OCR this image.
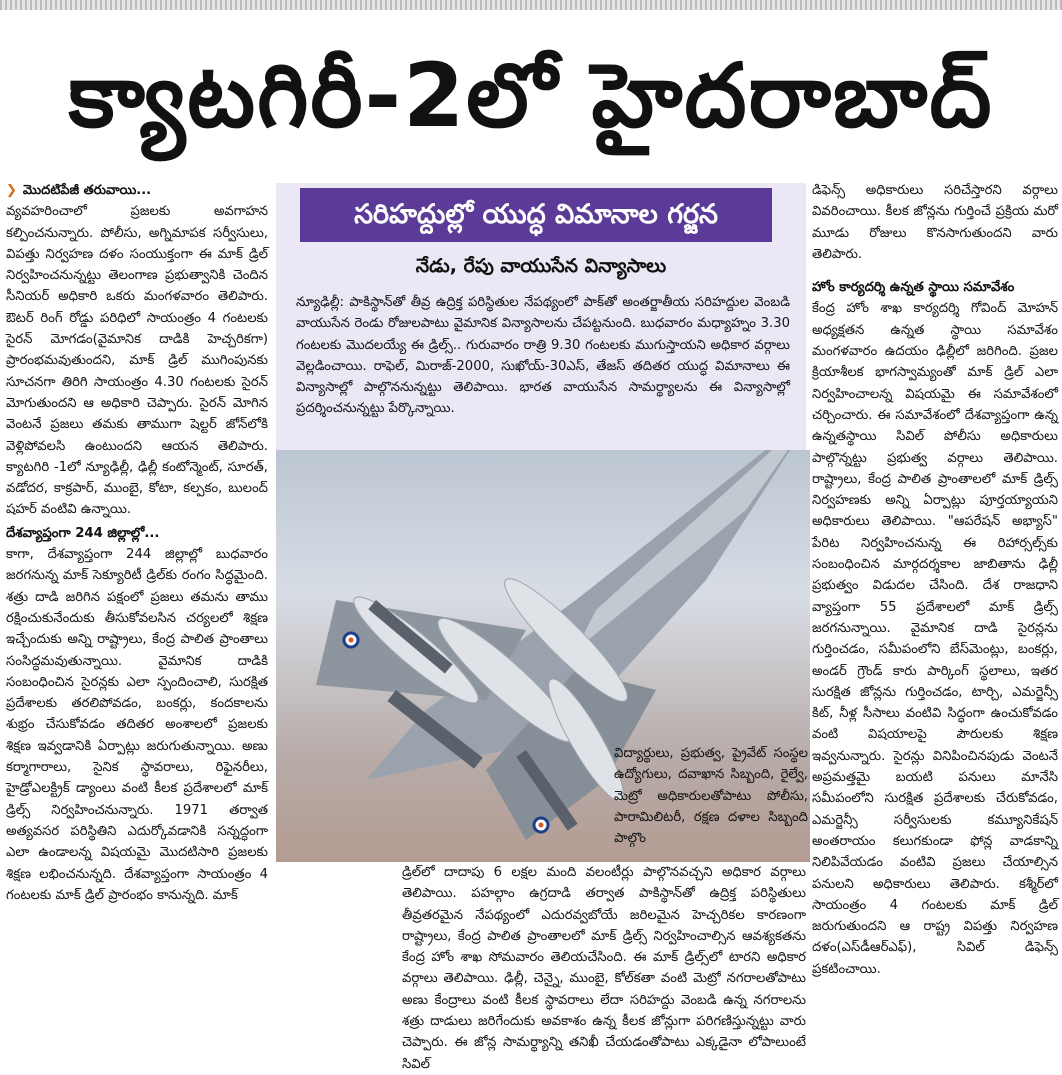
క్యాటగిరీ-2లో హైదరాబాద్

❯ మొదటిపేజీ తరువాయి...

వ్యవహరించాలో ప్రజలకు అవగాహన కల్పించనున్నారు. పోలీసు, అగ్నిమాపక సర్వీసులు, విపత్తు నిర్వహణ దళం సంయుక్తంగా ఈ మాక్‌ డ్రిల్‌ నిర్వహించనున్నట్టు తెలంగాణ ప్రభుత్వానికి చెందిన సీనియర్‌ అధికారి ఒకరు మంగళవారం తెలిపారు. ఔటర్‌ రింగ్‌ రోడ్డు పరిధిలో సాయంత్రం 4 గంటలకు సైరన్‌ మోగడం(వైమానిక దాడికి హెచ్చరికగా) ప్రారంభమవుతుందని, మాక్‌ డ్రిల్‌ ముగింపునకు సూచనగా తిరిగి సాయంత్రం 4.30 గంటలకు సైరన్‌ మోగుతుందని ఆ అధికారి చెప్పారు. సైరన్‌ మోగిన వెంటనే ప్రజలు తమకు తాముగా షెల్టర్‌ జోన్‌లోకి వెళ్లిపోవలసి ఉంటుందని ఆయన తెలిపారు. క్యాటగిరి -1లో న్యూఢిల్లీ, ఢిల్లీ కంటోన్మెంట్‌, సూరత్‌, వడోదర, కాక్రపార్‌, ముంబై, కోటా, కల్పకం, బులంద్‌ షహర్‌ వంటివి ఉన్నాయి.

దేశవ్యాప్తంగా 244 జిల్లాల్లో...

కాగా, దేశవ్యాప్తంగా 244 జిల్లాల్లో బుధవారం జరగనున్న మాక్‌ సెక్యూరిటీ డ్రిల్‌కు రంగం సిద్ధమైంది. శత్రు దాడి జరిగిన పక్షంలో ప్రజలు తమను తాము రక్షించుకునేందుకు తీసుకోవలసిన చర్యలలో శిక్షణ ఇచ్చేందుకు అన్ని రాష్ట్రాలు, కేంద్ర పాలిత ప్రాంతాలు సంసిద్ధమవుతున్నాయి. వైమానిక దాడికి సంబంధించిన సైరన్లకు ఎలా స్పందించాలి, సురక్షిత ప్రదేశాలకు తరలిపోవడం, బంకర్లు, కందకాలను శుభ్రం చేసుకోవడం తదితర అంశాలలో ప్రజలకు శిక్షణ ఇవ్వడానికి ఏర్పాట్లు జరుగుతున్నాయి. అణు కర్మాగారాలు, సైనిక స్థావరాలు, రిఫైనరీలు, హైడ్రోఎలక్ట్రిక్‌ డ్యాంలు వంటి కీలక ప్రదేశాలలో మాక్‌ డ్రిల్స్‌ నిర్వహించనున్నారు. 1971 తర్వాత అత్యవసర పరిస్థితిని ఎదుర్కోవడానికి సన్నద్ధంగా ఎలా ఉండాలన్న విషయమై మొదటిసారి ప్రజలకు శిక్షణ లభించనున్నది. దేశవ్యాప్తంగా సాయంత్రం 4 గంటలకు మాక్‌ డ్రిల్‌ ప్రారంభం కానున్నది. మాక్‌

సరిహద్దుల్లో యుద్ధ విమానాల గర్జన
నేడు, రేపు వాయుసేన విన్యాసాలు
న్యూఢిల్లీ: పాకిస్థాన్‌తో తీవ్ర ఉద్రిక్త పరిస్థితుల నేపథ్యంలో పాక్‌తో అంతర్జాతీయ సరిహద్దుల వెంబడి వాయుసేన రెండు రోజులపాటు వైమానిక విన్యాసాలను చేపట్టనుంది. బుధవారం మధ్యాహ్నం 3.30 గంటలకు మొదలయ్యే ఈ డ్రిల్స్‌.. గురువారం రాత్రి 9.30 గంటలకు ముగుస్తాయని అధికార వర్గాలు వెల్లడించాయి. రాఫెల్‌, మిరాజ్‌-2000, సుఖోయ్‌-30ఎస్‌, తేజస్‌ తదితర యుద్ధ విమానాలు ఈ విన్యాసాల్లో పాల్గొననున్నట్టు తెలిపాయి. భారత వాయుసేన సామర్థ్యాలను ఈ విన్యాసాల్లో ప్రదర్శించనున్నట్టు పేర్కొన్నాయి.

విద్యార్థులు, ప్రభుత్వ, ప్రైవేట్‌ సంస్థల ఉద్యోగులు, దవాఖాన సిబ్బంది, రైల్వే, మెట్రో అధికారులతోపాటు పోలీసు, పారామిలిటరీ, రక్షణ దళాల సిబ్బంది పాల్గొం

డ్రిల్‌లో దాదాపు 6 లక్షల మంది వలంటీర్లు పాల్గొనవచ్చని అధికార వర్గాలు తెలిపాయి. పహల్గాం ఉగ్రదాడి తర్వాత పాకిస్థాన్‌తో ఉద్రిక్త పరిస్థితులు తీవ్రతరమైన నేపథ్యంలో ఎదురవ్వబోయే జరిలమైన హెచ్చరికల కారణంగా రాష్ట్రాలు, కేంద్ర పాలిత ప్రాంతాలలో మాక్‌ డ్రిల్స్‌ నిర్వహించాల్సిన ఆవశ్యకతను కేంద్ర హోం శాఖ సోమవారం తెలియచేసింది. ఈ మాక్‌ డ్రిల్స్‌లో టారని అధికార వర్గాలు తెలిపాయి. ఢిల్లీ, చెన్నై, ముంబై, కోల్‌కతా వంటి మెట్రో నగరాలతోపాటు అణు కేంద్రాలు వంటి కీలక స్థావరాలు లేదా సరిహద్దు వెంబడి ఉన్న నగరాలను శత్రు దాడులు జరిగేందుకు అవకాశం ఉన్న కీలక జోన్లుగా పరిగణిస్తున్నట్టు వారు చెప్పారు. ఈ జోన్ల సామర్థ్యాన్ని తనిఖీ చేయడంతోపాటు ఎక్కడైనా లోపాలుంటే సివిల్‌

డిఫెన్స్‌ అధికారులు సరిచేస్తారని వర్గాలు వివరించాయి. కీలక జోన్లను గుర్తించే ప్రక్రియ మరో మూడు రోజులు కొనసాగుతుందని వారు తెలిపారు.

హోం కార్యదర్శి ఉన్నత స్థాయి సమావేశం

కేంద్ర హోం శాఖ కార్యదర్శి గోవింద్‌ మోహన్‌ అధ్యక్షతన ఉన్నత స్థాయి సమావేశం మంగళవారం ఉదయం ఢిల్లీలో జరిగింది. ప్రజల క్రియాశీలక భాగస్వామ్యంతో మాక్‌ డ్రిల్‌ ఎలా నిర్వహించాలన్న విషయమై ఈ సమావేశంలో చర్చించారు. ఈ సమావేశంలో దేశవ్యాప్తంగా ఉన్న ఉన్నతస్థాయి సివిల్‌ పోలీసు అధికారులు పాల్గొన్నట్టు ప్రభుత్వ వర్గాలు తెలిపాయి. రాష్ట్రాలు, కేంద్ర పాలిత ప్రాంతాలలో మాక్‌ డ్రిల్స్‌ నిర్వహణకు అన్ని ఏర్పాట్లు పూర్తయ్యాయని అధికారులు తెలిపాయి. "ఆపరేషన్‌ అభ్యాస్‌" పేరిట నిర్వహించనున్న ఈ రిహార్సల్స్‌కు సంబంధించిన మార్గదర్శకాల జాబితాను ఢిల్లీ ప్రభుత్వం విడుదల చేసింది. దేశ రాజధాని వ్యాప్తంగా 55 ప్రదేశాలలో మాక్‌ డ్రిల్స్‌ జరగనున్నాయి. వైమానిక దాడి సైరన్లను గుర్తించడం, సమీపంలోని బేస్‌మెంట్లు, బంకర్లు, అండర్‌ గ్రౌండ్‌ కారు పార్కింగ్‌ స్థలాలు, ఇతర సురక్షిత జోన్లను గుర్తించడం, టార్చి, ఎమర్జెన్సీ కిట్‌, నీళ్ల సీసాలు వంటివి సిద్ధంగా ఉంచుకోవడం వంటి విషయాలపై పౌరులకు శిక్షణ ఇవ్వనున్నారు. సైరన్లు వినిపించినపుడు వెంటనే అప్రమత్తమై బయటి పనులు మానేసి సమీపంలోని సురక్షిత ప్రదేశాలకు చేరుకోవడం, ఎమర్జెన్సీ సర్వీసులకు కమ్యూనికేషన్‌ అంతరాయం కలుగకుండా ఫోన్ల వాడకాన్ని నిలిపివేయడం వంటివి ప్రజలు చేయాల్సిన పనులని అధికారులు తెలిపారు. కశ్మీర్‌లో సాయంత్రం 4 గంటలకు మాక్‌ డ్రిల్‌ జరుగుతుందని ఆ రాష్ట్ర విపత్తు నిర్వహణ దళం(ఎస్‌డీఆర్‌ఎఫ్‌), సివిల్‌ డిఫెన్స్‌ ప్రకటించాయి.
